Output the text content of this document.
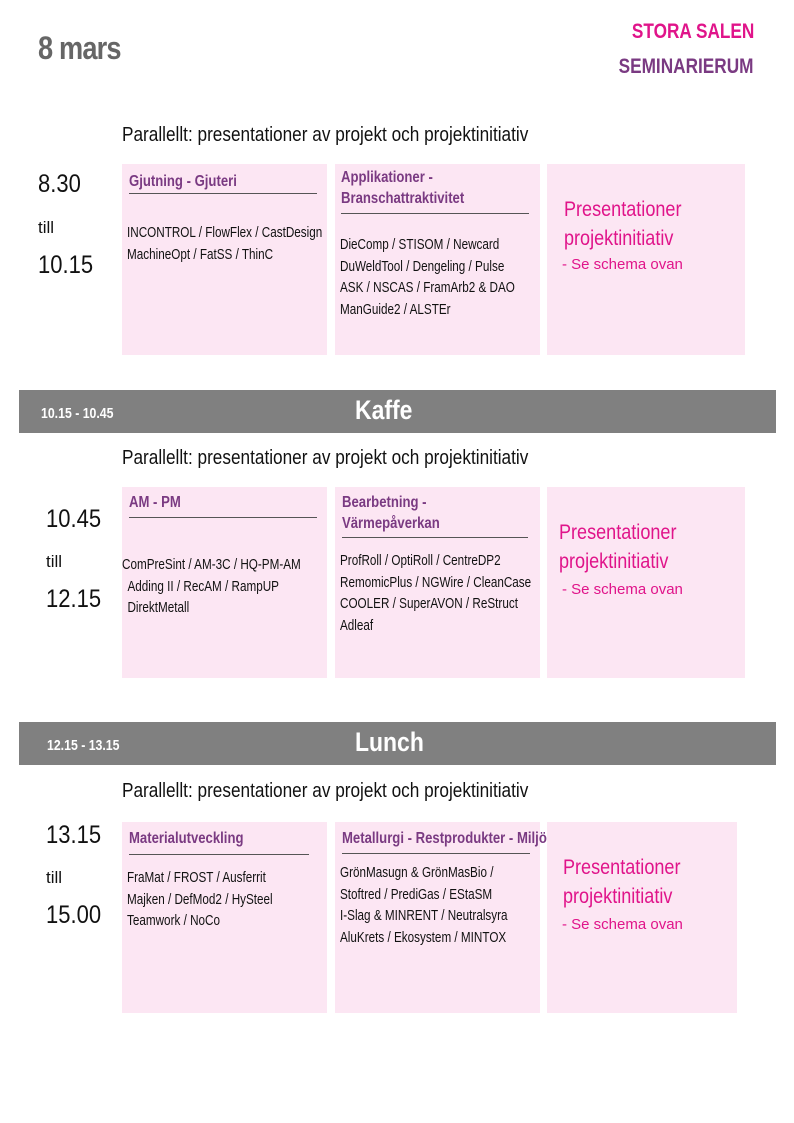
8 mars	STORA SALEN
SEMINARIERUM
Parallellt: presentationer av projekt och projektinitiativ
8.30
till
10.15
Gjutning - Gjuteri
INCONTROL / FlowFlex / CastDesign
MachineOpt / FatSS / ThinC
Applikationer -
Branschattraktivitet
DieComp / STISOM / Newcard
DuWeldTool / Dengeling / Pulse
ASK / NSCAS / FramArb2 & DAO
ManGuide2 / ALSTEr
Presentationer
projektinitiativ
- Se schema ovan
10.15 - 10.45	Kaffe
Parallellt: presentationer av projekt och projektinitiativ
10.45
till
12.15
AM - PM
ComPreSint / AM-3C / HQ-PM-AM
Adding II / RecAM / RampUP
DirektMetall
Bearbetning -
Värmepåverkan
ProfRoll / OptiRoll / CentreDP2
RemomicPlus / NGWire / CleanCase
COOLER / SuperAVON / ReStruct
Adleaf
Presentationer
projektinitiativ
- Se schema ovan
12.15 - 13.15	Lunch
Parallellt: presentationer av projekt och projektinitiativ
13.15
till
15.00
Materialutveckling
FraMat / FROST / Ausferrit
Majken / DefMod2 / HySteel
Teamwork / NoCo
Metallurgi - Restprodukter - Miljö
GrönMasugn & GrönMasBio /
Stoftred / PrediGas / EStaSM
I-Slag & MINRENT / Neutralsyra
AluKrets / Ekosystem / MINTOX
Presentationer
projektinitiativ
- Se schema ovan
